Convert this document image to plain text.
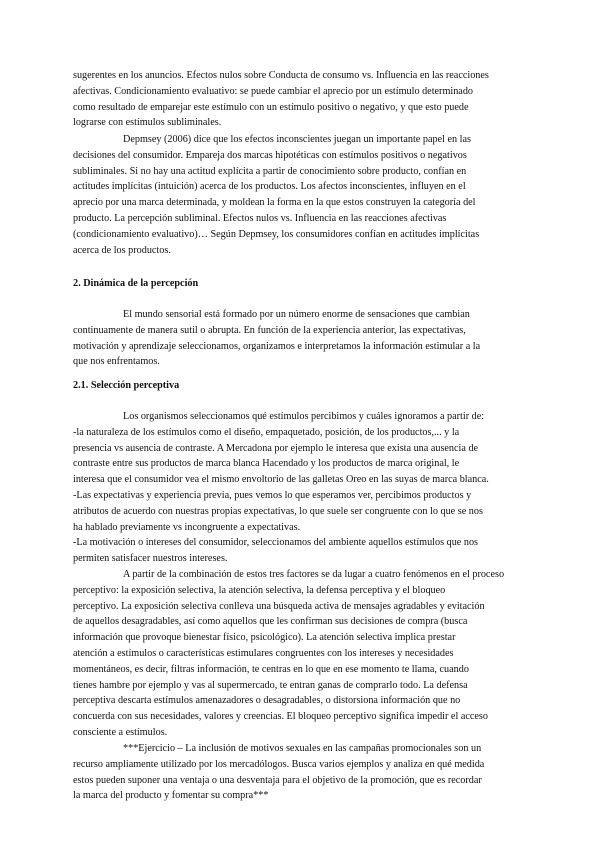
sugerentes en los anuncios. Efectos nulos sobre Conducta de consumo vs. Influencia en las reacciones

afectivas. Condicionamiento evaluativo: se puede cambiar el aprecio por un estímulo determinado

como resultado de emparejar este estímulo con un estímulo positivo o negativo, y que esto puede

lograrse con estímulos subliminales.

Depmsey (2006) dice que los efectos inconscientes juegan un importante papel en las

decisiones del consumidor. Empareja dos marcas hipotéticas con estímulos positivos o negativos

subliminales. Si no hay una actitud explícita a partir de conocimiento sobre producto, confían en

actitudes implícitas (intuición) acerca de los productos. Los afectos inconscientes, influyen en el

aprecio por una marca determinada, y moldean la forma en la que estos construyen la categoría del

producto. La percepción subliminal. Efectos nulos vs. Influencia en las reacciones afectivas

(condicionamiento evaluativo)… Según Depmsey, los consumidores confían en actitudes implícitas

acerca de los productos.

2. Dinámica de la percepción

El mundo sensorial está formado por un número enorme de sensaciones que cambian

continuamente de manera sutil o abrupta. En función de la experiencia anterior, las expectativas,

motivación y aprendizaje seleccionamos, organizamos e interpretamos la información estimular a la

que nos enfrentamos.

2.1. Selección perceptiva

Los organismos seleccionamos qué estímulos percibimos y cuáles ignoramos a partir de:

-la naturaleza de los estímulos como el diseño, empaquetado, posición, de los productos,... y la

presencia vs ausencia de contraste. A Mercadona por ejemplo le interesa que exista una ausencia de

contraste entre sus productos de marca blanca Hacendado y los productos de marca original, le

interesa que el consumidor vea el mismo envoltorio de las galletas Oreo en las suyas de marca blanca.

-Las expectativas y experiencia previa, pues vemos lo que esperamos ver, percibimos productos y

atributos de acuerdo con nuestras propias expectativas, lo que suele ser congruente con lo que se nos

ha hablado previamente vs incongruente a expectativas.

-La motivación o intereses del consumidor, seleccionamos del ambiente aquellos estímulos que nos

permiten satisfacer nuestros intereses.

A partir de la combinación de estos tres factores se da lugar a cuatro fenómenos en el proceso

perceptivo: la exposición selectiva, la atención selectiva, la defensa perceptiva y el bloqueo

perceptivo. La exposición selectiva conlleva una búsqueda activa de mensajes agradables y evitación

de aquellos desagradables, así como aquellos que les confirman sus decisiones de compra (busca

información que provoque bienestar físico, psicológico). La atención selectiva implica prestar

atención a estímulos o características estimulares congruentes con los intereses y necesidades

momentáneos, es decir, filtras información, te centras en lo que en ese momento te llama, cuando

tienes hambre por ejemplo y vas al supermercado, te entran ganas de comprarlo todo. La defensa

perceptiva descarta estímulos amenazadores o desagradables, o distorsiona información que no

concuerda con sus necesidades, valores y creencias. El bloqueo perceptivo significa impedir el acceso

consciente a estímulos.

***Ejercicio – La inclusión de motivos sexuales en las campañas promocionales son un

recurso ampliamente utilizado por los mercadólogos. Busca varios ejemplos y analiza en qué medida

estos pueden suponer una ventaja o una desventaja para el objetivo de la promoción, que es recordar

la marca del producto y fomentar su compra***
